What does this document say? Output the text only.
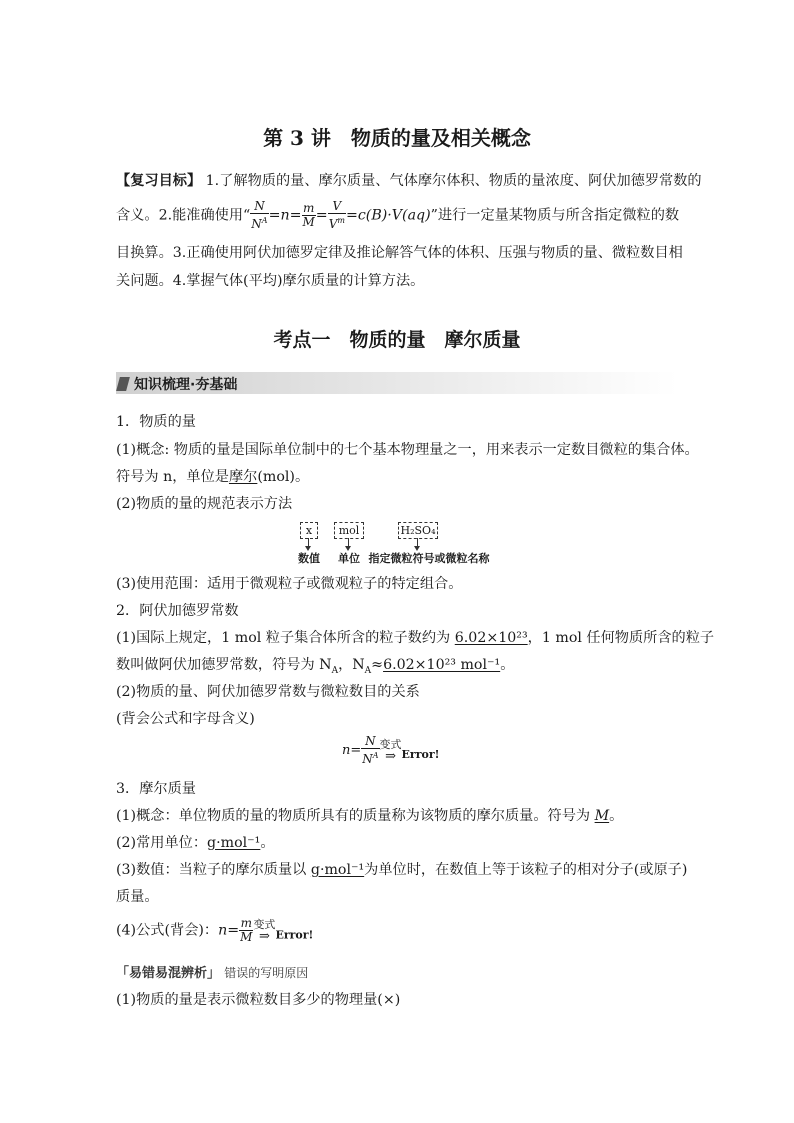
第 3 讲　物质的量及相关概念
【复习目标】 1.了解物质的量、摩尔质量、气体摩尔体积、物质的量浓度、阿伏加德罗常数的
含义。2.能准确使用“ $\frac{N}{N^A} =n= \frac{m}{M} = \frac{V}{V^m} =c(B)\cdot V(aq)$”进行一定量某物质与所含指定微粒的数
目换算。3.正确使用阿伏加德罗定律及推论解答气体的体积、压强与物质的量、微粒数目相
关问题。4.掌握气体(平均)摩尔质量的计算方法。
考点一　物质的量　摩尔质量
知识梳理·夯基础
1．物质的量
(1)概念: 物质的量是国际单位制中的七个基本物理量之一，用来表示一定数目微粒的集合体。
符号为 n，单位是摩尔(mol)。
(2)物质的量的规范表示方法
x	mol	H₂SO₄
数值	单位 指定微粒符号或微粒名称
(3)使用范围：适用于微观粒子或微观粒子的特定组合。
2．阿伏加德罗常数
(1)国际上规定，1 mol 粒子集合体所含的粒子数约为 6.02×10²³，1 mol 任何物质所含的粒子
数叫做阿伏加德罗常数，符号为 $N_A$，$N_A\approx 6.02\times 10^{23}$ mol⁻¹。
(2)物质的量、阿伏加德罗常数与微粒数目的关系
(背会公式和字母含义)
$n= \frac{N}{N^A}$ 变式
⇒ $_{Error!}$
3．摩尔质量
(1)概念：单位物质的量的物质所具有的质量称为该物质的摩尔质量。符号为 M。
(2)常用单位：g·mol⁻¹。
(3)数值：当粒子的摩尔质量以 g·mol⁻¹为单位时，在数值上等于该粒子的相对分子(或原子)
质量。
(4)公式(背会)：$n= \frac{m}{M}$ 变式
⇒ $_{Error!}$
「易错易混辨析」 错误的写明原因
(1)物质的量是表示微粒数目多少的物理量(×)
